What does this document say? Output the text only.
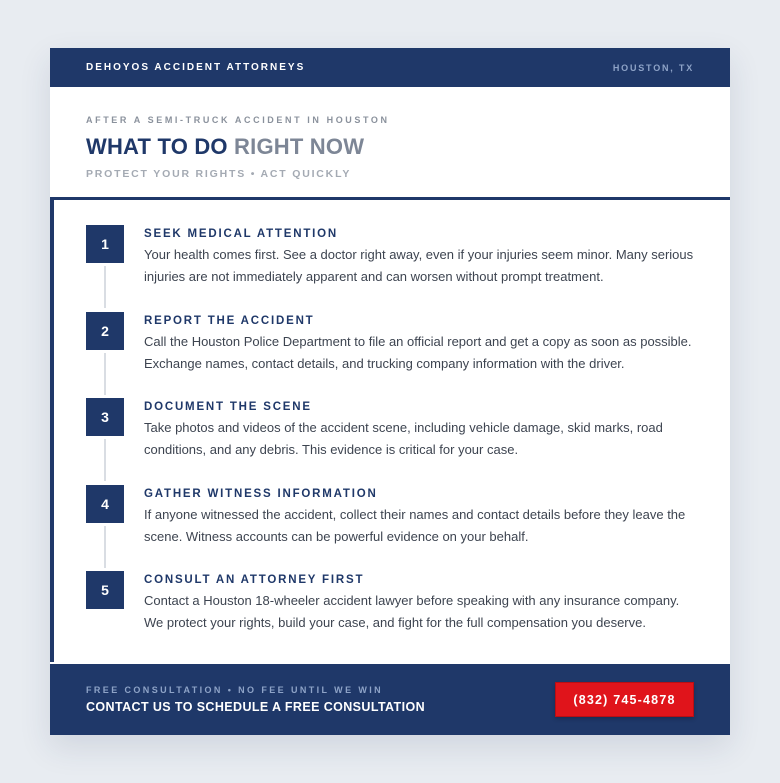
DEHOYOS ACCIDENT ATTORNEYS	HOUSTON, TX
AFTER A SEMI-TRUCK ACCIDENT IN HOUSTON
WHAT TO DO RIGHT NOW
PROTECT YOUR RIGHTS • ACT QUICKLY
1
SEEK MEDICAL ATTENTION
Your health comes first. See a doctor right away, even if your injuries seem minor. Many serious injuries are not immediately apparent and can worsen without prompt treatment.
2
REPORT THE ACCIDENT
Call the Houston Police Department to file an official report and get a copy as soon as possible. Exchange names, contact details, and trucking company information with the driver.
3
DOCUMENT THE SCENE
Take photos and videos of the accident scene, including vehicle damage, skid marks, road conditions, and any debris. This evidence is critical for your case.
4
GATHER WITNESS INFORMATION
If anyone witnessed the accident, collect their names and contact details before they leave the scene. Witness accounts can be powerful evidence on your behalf.
5
CONSULT AN ATTORNEY FIRST
Contact a Houston 18-wheeler accident lawyer before speaking with any insurance company. We protect your rights, build your case, and fight for the full compensation you deserve.
FREE CONSULTATION • NO FEE UNTIL WE WIN
CONTACT US TO SCHEDULE A FREE CONSULTATION
(832) 745-4878
